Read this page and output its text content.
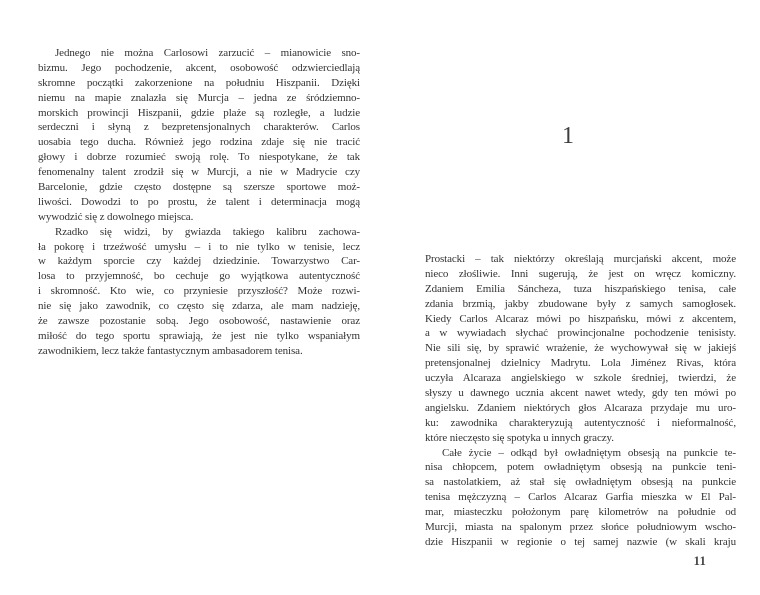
Jednego nie można Carlosowi zarzucić – mianowicie sno-
bizmu. Jego pochodzenie, akcent, osobowość odzwierciedlają
skromne początki zakorzenione na południu Hiszpanii. Dzięki
niemu na mapie znalazła się Murcja – jedna ze śródziemno-
morskich prowincji Hiszpanii, gdzie plaże są rozległe, a ludzie
serdeczni i słyną z bezpretensjonalnych charakterów. Carlos
uosabia tego ducha. Również jego rodzina zdaje się nie tracić
głowy i dobrze rozumieć swoją rolę. To niespotykane, że tak
fenomenalny talent zrodził się w Murcji, a nie w Madrycie czy
Barcelonie, gdzie często dostępne są szersze sportowe moż-
liwości. Dowodzi to po prostu, że talent i determinacja mogą
wywodzić się z dowolnego miejsca.
Rzadko się widzi, by gwiazda takiego kalibru zachowa-
ła pokorę i trzeźwość umysłu – i to nie tylko w tenisie, lecz
w każdym sporcie czy każdej dziedzinie. Towarzystwo Car-
losa to przyjemność, bo cechuje go wyjątkowa autentyczność
i skromność. Kto wie, co przyniesie przyszłość? Może rozwi-
nie się jako zawodnik, co często się zdarza, ale mam nadzieję,
że zawsze pozostanie sobą. Jego osobowość, nastawienie oraz
miłość do tego sportu sprawiają, że jest nie tylko wspaniałym
zawodnikiem, lecz także fantastycznym ambasadorem tenisa.
1
Prostacki – tak niektórzy określają murcjański akcent, może
nieco złośliwie. Inni sugerują, że jest on wręcz komiczny.
Zdaniem Emilia Sáncheza, tuza hiszpańskiego tenisa, całe
zdania brzmią, jakby zbudowane były z samych samogłosek.
Kiedy Carlos Alcaraz mówi po hiszpańsku, mówi z akcentem,
a w wywiadach słychać prowincjonalne pochodzenie tenisisty.
Nie sili się, by sprawić wrażenie, że wychowywał się w jakiejś
pretensjonalnej dzielnicy Madrytu. Lola Jiménez Rivas, która
uczyła Alcaraza angielskiego w szkole średniej, twierdzi, że
słyszy u dawnego ucznia akcent nawet wtedy, gdy ten mówi po
angielsku. Zdaniem niektórych głos Alcaraza przydaje mu uro-
ku: zawodnika charakteryzują autentyczność i nieformalność,
które nieczęsto się spotyka u innych graczy.
Całe życie – odkąd był owładniętym obsesją na punkcie te-
nisa chłopcem, potem owładniętym obsesją na punkcie teni-
sa nastolatkiem, aż stał się owładniętym obsesją na punkcie
tenisa mężczyzną – Carlos Alcaraz Garfia mieszka w El Pal-
mar, miasteczku położonym parę kilometrów na południe od
Murcji, miasta na spalonym przez słońce południowym wscho-
dzie Hiszpanii w regionie o tej samej nazwie (w skali kraju
11
